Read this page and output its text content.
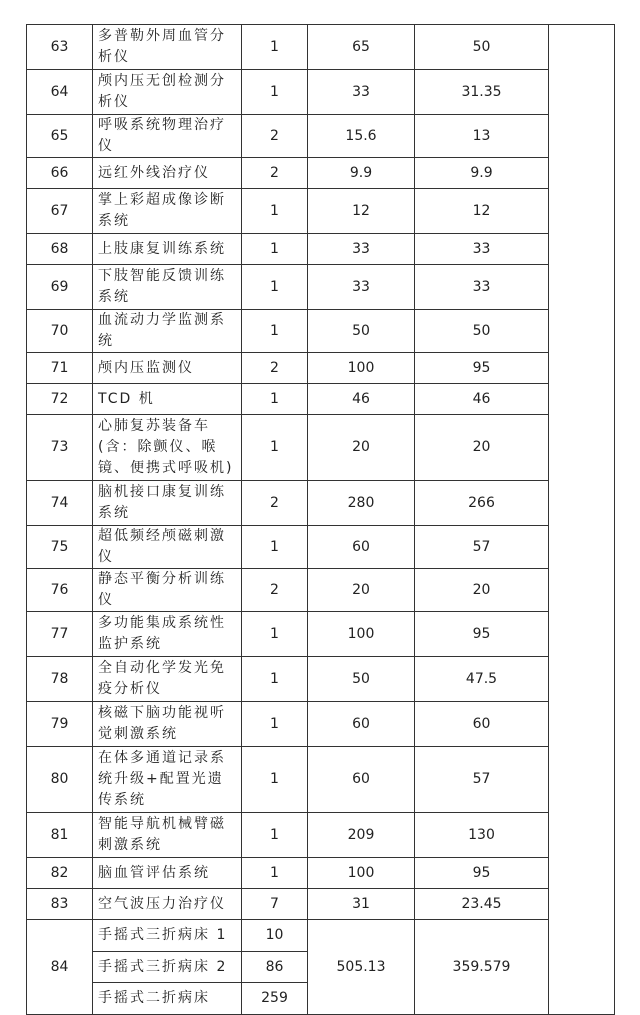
63	多普勒外周血管分析仪	1	65	50	
64	颅内压无创检测分析仪	1	33	31.35	
65	呼吸系统物理治疗仪	2	15.6	13	
66	远红外线治疗仪	2	9.9	9.9	
67	掌上彩超成像诊断系统	1	12	12	
68	上肢康复训练系统	1	33	33	
69	下肢智能反馈训练系统	1	33	33	
70	血流动力学监测系统	1	50	50	
71	颅内压监测仪	2	100	95	
72	TCD 机	1	46	46	
73	心肺复苏装备车(含：除颤仪、喉镜、便携式呼吸机)	1	20	20	
74	脑机接口康复训练系统	2	280	266	
75	超低频经颅磁刺激仪	1	60	57	
76	静态平衡分析训练仪	2	20	20	
77	多功能集成系统性监护系统	1	100	95	
78	全自动化学发光免疫分析仪	1	50	47.5	
79	核磁下脑功能视听觉刺激系统	1	60	60	
80	在体多通道记录系统升级+配置光遗传系统	1	60	57	
81	智能导航机械臂磁刺激系统	1	209	130	
82	脑血管评估系统	1	100	95	
83	空气波压力治疗仪	7	31	23.45	
84	手摇式三折病床 1	10	505.13	359.579	
	手摇式三折病床 2	86			
	手摇式二折病床	259			
